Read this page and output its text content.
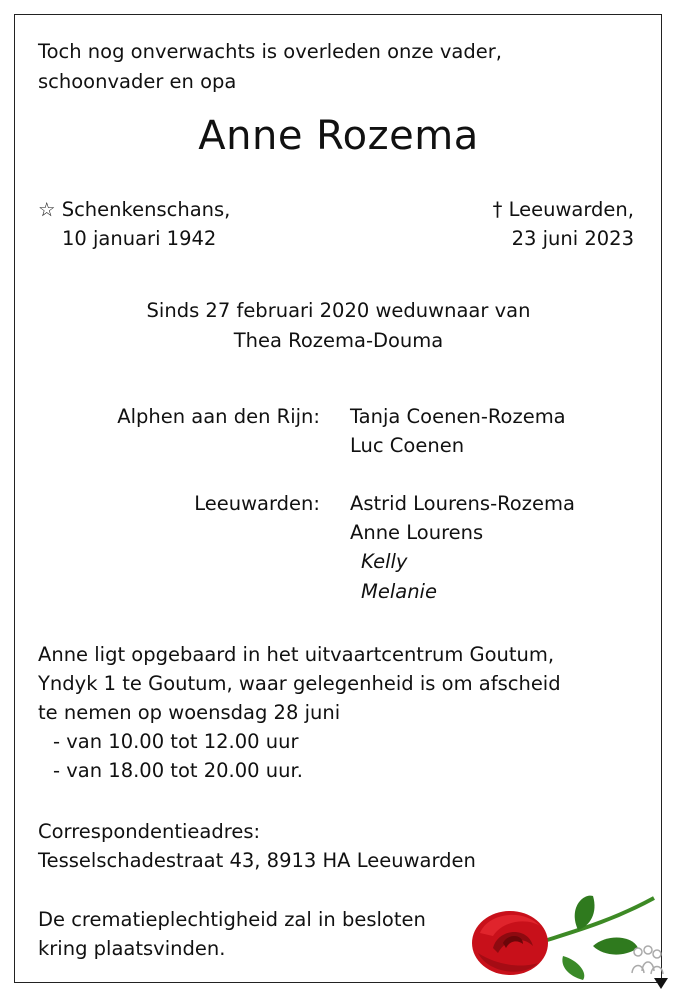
Toch nog onverwachts is overleden onze vader,
schoonvader en opa
Anne Rozema
☆ Schenkenschans,
10 januari 1942
† Leeuwarden,
23 juni 2023
Sinds 27 februari 2020 weduwnaar van
Thea Rozema-Douma
Alphen aan den Rijn: Tanja Coenen-Rozema
Luc Coenen
Leeuwarden: Astrid Lourens-Rozema
Anne Lourens
Kelly
Melanie
Anne ligt opgebaard in het uitvaartcentrum Goutum,
Yndyk 1 te Goutum, waar gelegenheid is om afscheid
te nemen op woensdag 28 juni
- van 10.00 tot 12.00 uur
- van 18.00 tot 20.00 uur.
Correspondentieadres:
Tesselschadestraat 43, 8913 HA Leeuwarden
De crematieplechtigheid zal in besloten
kring plaatsvinden.
